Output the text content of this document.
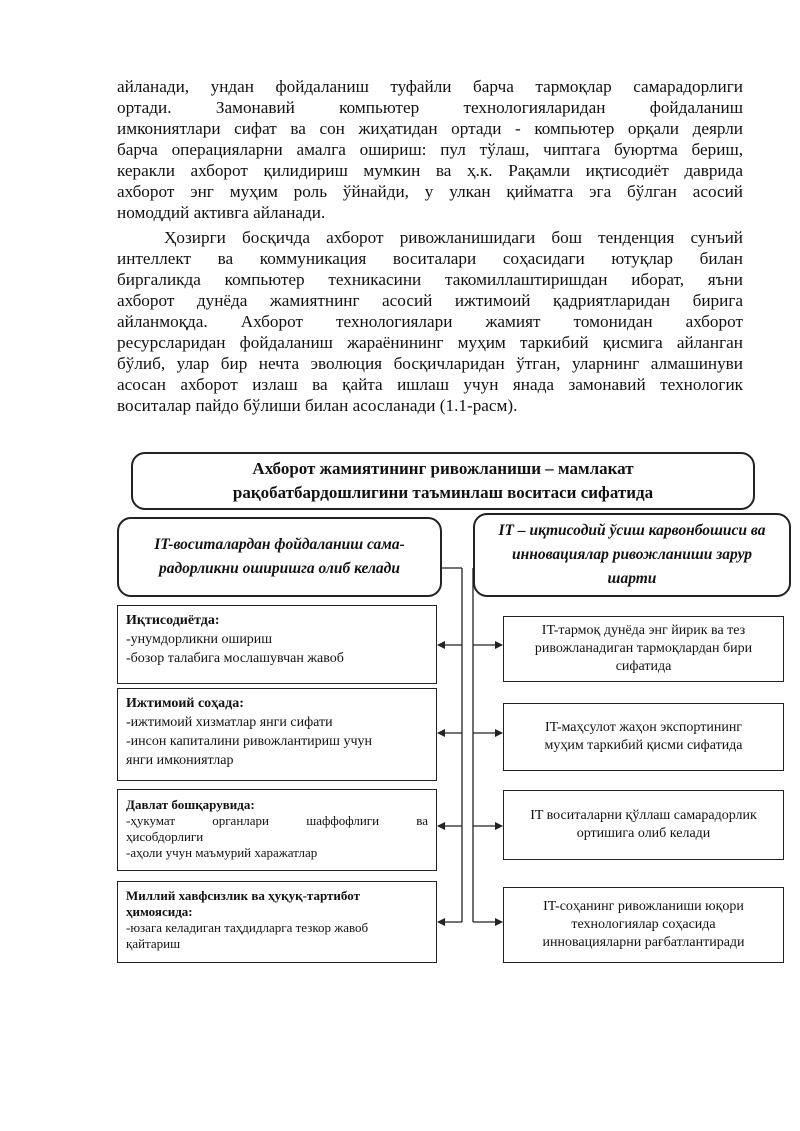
айланади, ундан фойдаланиш туфайли барча тармоқлар самарадорлиги
ортади. Замонавий компьютер технологияларидан фойдаланиш
имкониятлари сифат ва сон жиҳатидан ортади - компьютер орқали деярли
барча операцияларни амалга ошириш: пул тўлаш, чиптага буюртма бериш,
керакли ахборот қилидириш мумкин ва ҳ.к. Рақамли иқтисодиёт даврида
ахборот энг муҳим роль ўйнайди, у улкан қийматга эга бўлган асосий
номоддий активга айланади.
Ҳозирги босқичда ахборот ривожланишидаги бош тенденция сунъий
интеллект ва коммуникация воситалари соҳасидаги ютуқлар билан
биргаликда компьютер техникасини такомиллаштиришдан иборат, яъни
ахборот дунёда жамиятнинг асосий ижтимоий қадриятларидан бирига
айланмоқда. Ахборот технологиялари жамият томонидан ахборот
ресурсларидан фойдаланиш жараёнининг муҳим таркибий қисмига айланган
бўлиб, улар бир нечта эволюция босқичларидан ўтган, уларнинг алмашинуви
асосан ахборот излаш ва қайта ишлаш учун янада замонавий технологик
воситалар пайдо бўлиши билан асосланади (1.1-расм).
Ахборот жамиятининг ривожланиши – мамлакат
рақобатбардошлигини таъминлаш воситаси сифатида
IT-воситалардан фойдаланиш сама-
радорликни оширишга олиб келади
IT – иқтисодий ўсиш карвонбошиси ва
инновациялар ривожланиши зарур
шарти
Иқтисодиётда:
-унумдорликни ошириш
-бозор талабига мослашувчан жавоб
Ижтимоий соҳада:
-ижтимоий хизматлар янги сифати
-инсон капиталини ривожлантириш учун
янги имкониятлар
Давлат бошқарувида:
-ҳукумат органлари шаффофлиги ва
ҳисобдорлиги
-аҳоли учун маъмурий харажатлар
Миллий хавфсизлик ва ҳуқуқ-тартибот
ҳимоясида:
-юзага келадиган таҳдидларга тезкор жавоб
қайтариш
IT-тармоқ дунёда энг йирик ва тез
ривожланадиган тармоқлардан бири
сифатида
IT-маҳсулот жаҳон экспортининг
муҳим таркибий қисми сифатида
IT воситаларни қўллаш самарадорлик
ортишига олиб келади
IT-соҳанинг ривожланиши юқори
технологиялар соҳасида
инновацияларни рағбатлантиради
